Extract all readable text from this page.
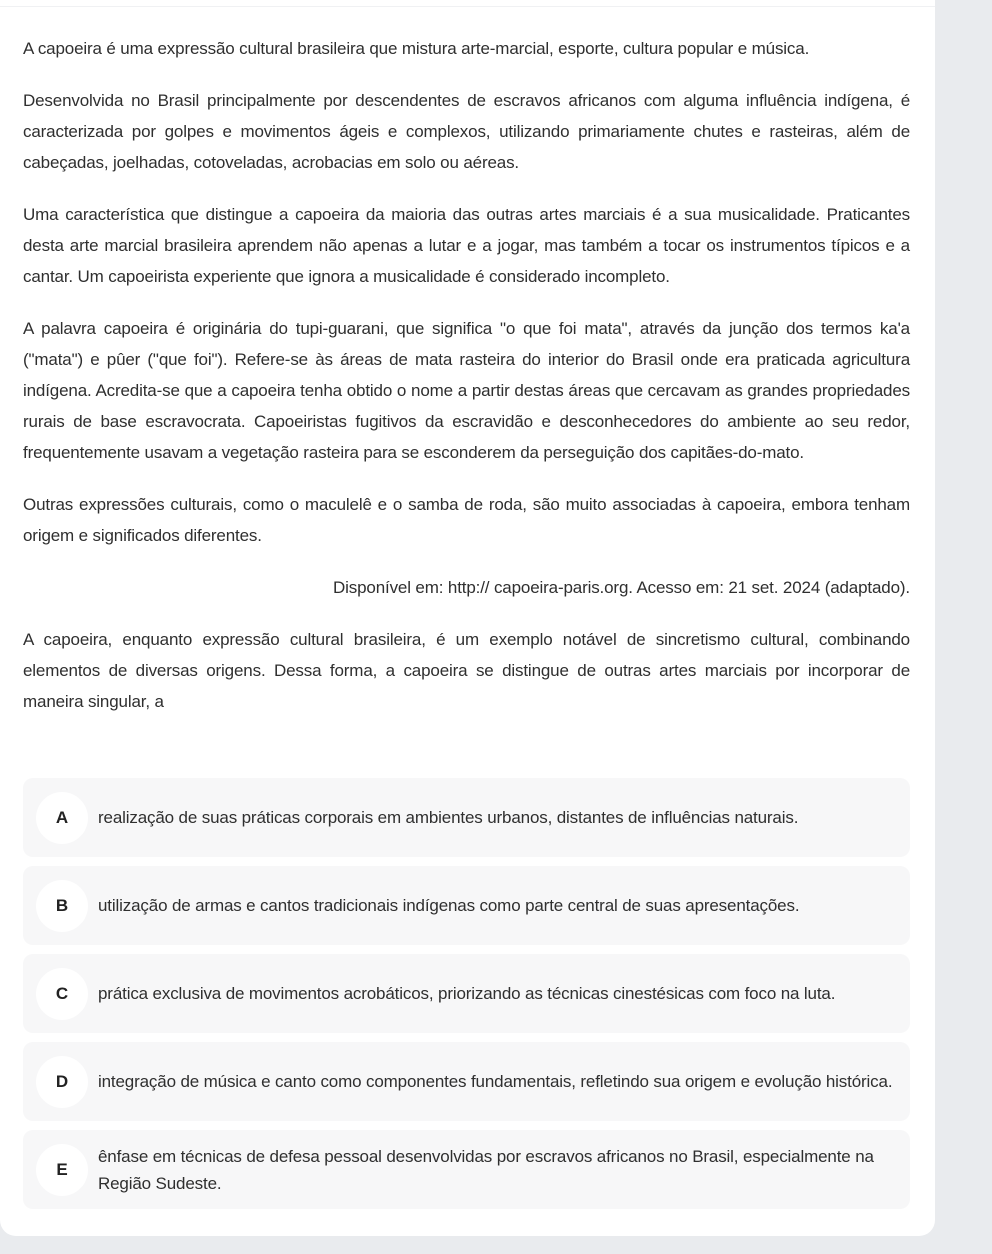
A capoeira é uma expressão cultural brasileira que mistura arte-marcial, esporte, cultura popular e música.

Desenvolvida no Brasil principalmente por descendentes de escravos africanos com alguma influência indígena, é caracterizada por golpes e movimentos ágeis e complexos, utilizando primariamente chutes e rasteiras, além de cabeçadas, joelhadas, cotoveladas, acrobacias em solo ou aéreas.

Uma característica que distingue a capoeira da maioria das outras artes marciais é a sua musicalidade. Praticantes desta arte marcial brasileira aprendem não apenas a lutar e a jogar, mas também a tocar os instrumentos típicos e a cantar. Um capoeirista experiente que ignora a musicalidade é considerado incompleto.

A palavra capoeira é originária do tupi-guarani, que significa "o que foi mata", através da junção dos termos ka'a ("mata") e pûer ("que foi"). Refere-se às áreas de mata rasteira do interior do Brasil onde era praticada agricultura indígena. Acredita-se que a capoeira tenha obtido o nome a partir destas áreas que cercavam as grandes propriedades rurais de base escravocrata. Capoeiristas fugitivos da escravidão e desconhecedores do ambiente ao seu redor, frequentemente usavam a vegetação rasteira para se esconderem da perseguição dos capitães-do-mato.

Outras expressões culturais, como o maculelê e o samba de roda, são muito associadas à capoeira, embora tenham origem e significados diferentes.

Disponível em: http:// capoeira-paris.org. Acesso em: 21 set. 2024 (adaptado).

A capoeira, enquanto expressão cultural brasileira, é um exemplo notável de sincretismo cultural, combinando elementos de diversas origens. Dessa forma, a capoeira se distingue de outras artes marciais por incorporar de maneira singular, a

A	realização de suas práticas corporais em ambientes urbanos, distantes de influências naturais.
B	utilização de armas e cantos tradicionais indígenas como parte central de suas apresentações.
C	prática exclusiva de movimentos acrobáticos, priorizando as técnicas cinestésicas com foco na luta.
D	integração de música e canto como componentes fundamentais, refletindo sua origem e evolução histórica.
E
ênfase em técnicas de defesa pessoal desenvolvidas por escravos africanos no Brasil, especialmente na Região Sudeste.
